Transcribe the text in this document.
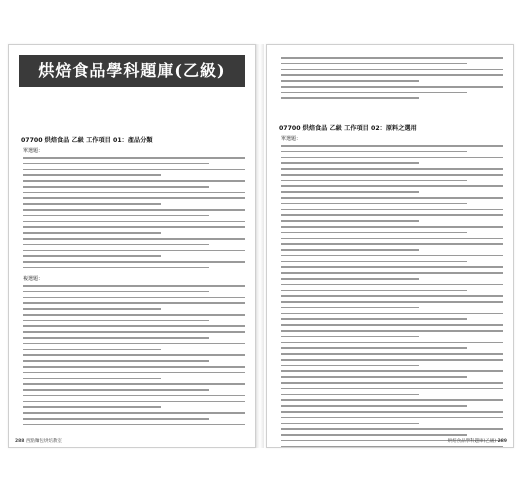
烘焙食品學科題庫(乙級)
07700 烘焙食品 乙級 工作項目 01：產品分類
單選題：
複選題：
288 西點麵包烘焙教室
07700 烘焙食品 乙級 工作項目 02：原料之選用
單選題：
烘焙食品學科題庫(乙級) 289
